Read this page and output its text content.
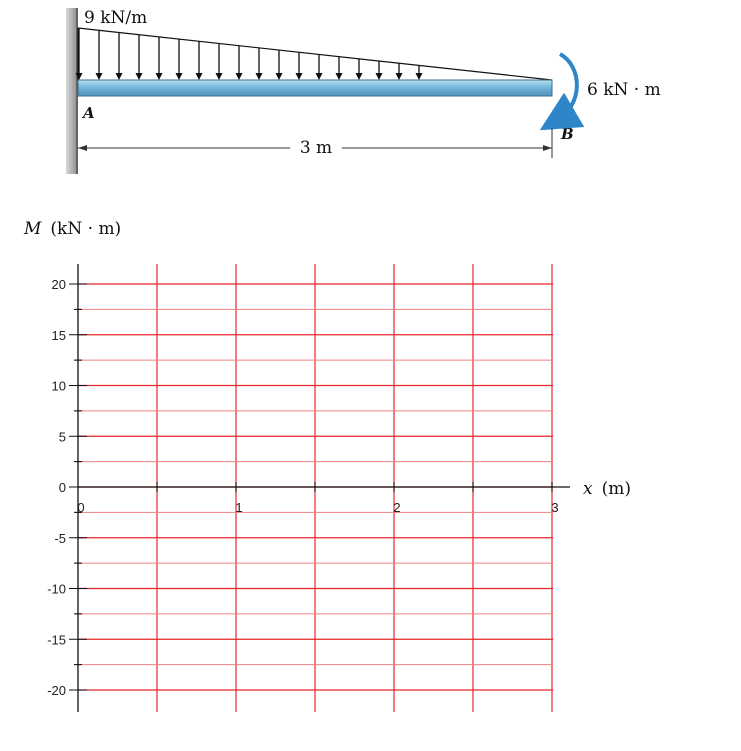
9 kN/m
A
B
6 kN · m
3 m
M (kN · m)
20
15
10
5
0
-5
-10
-15
-20
0	1	2	3
x (m)
